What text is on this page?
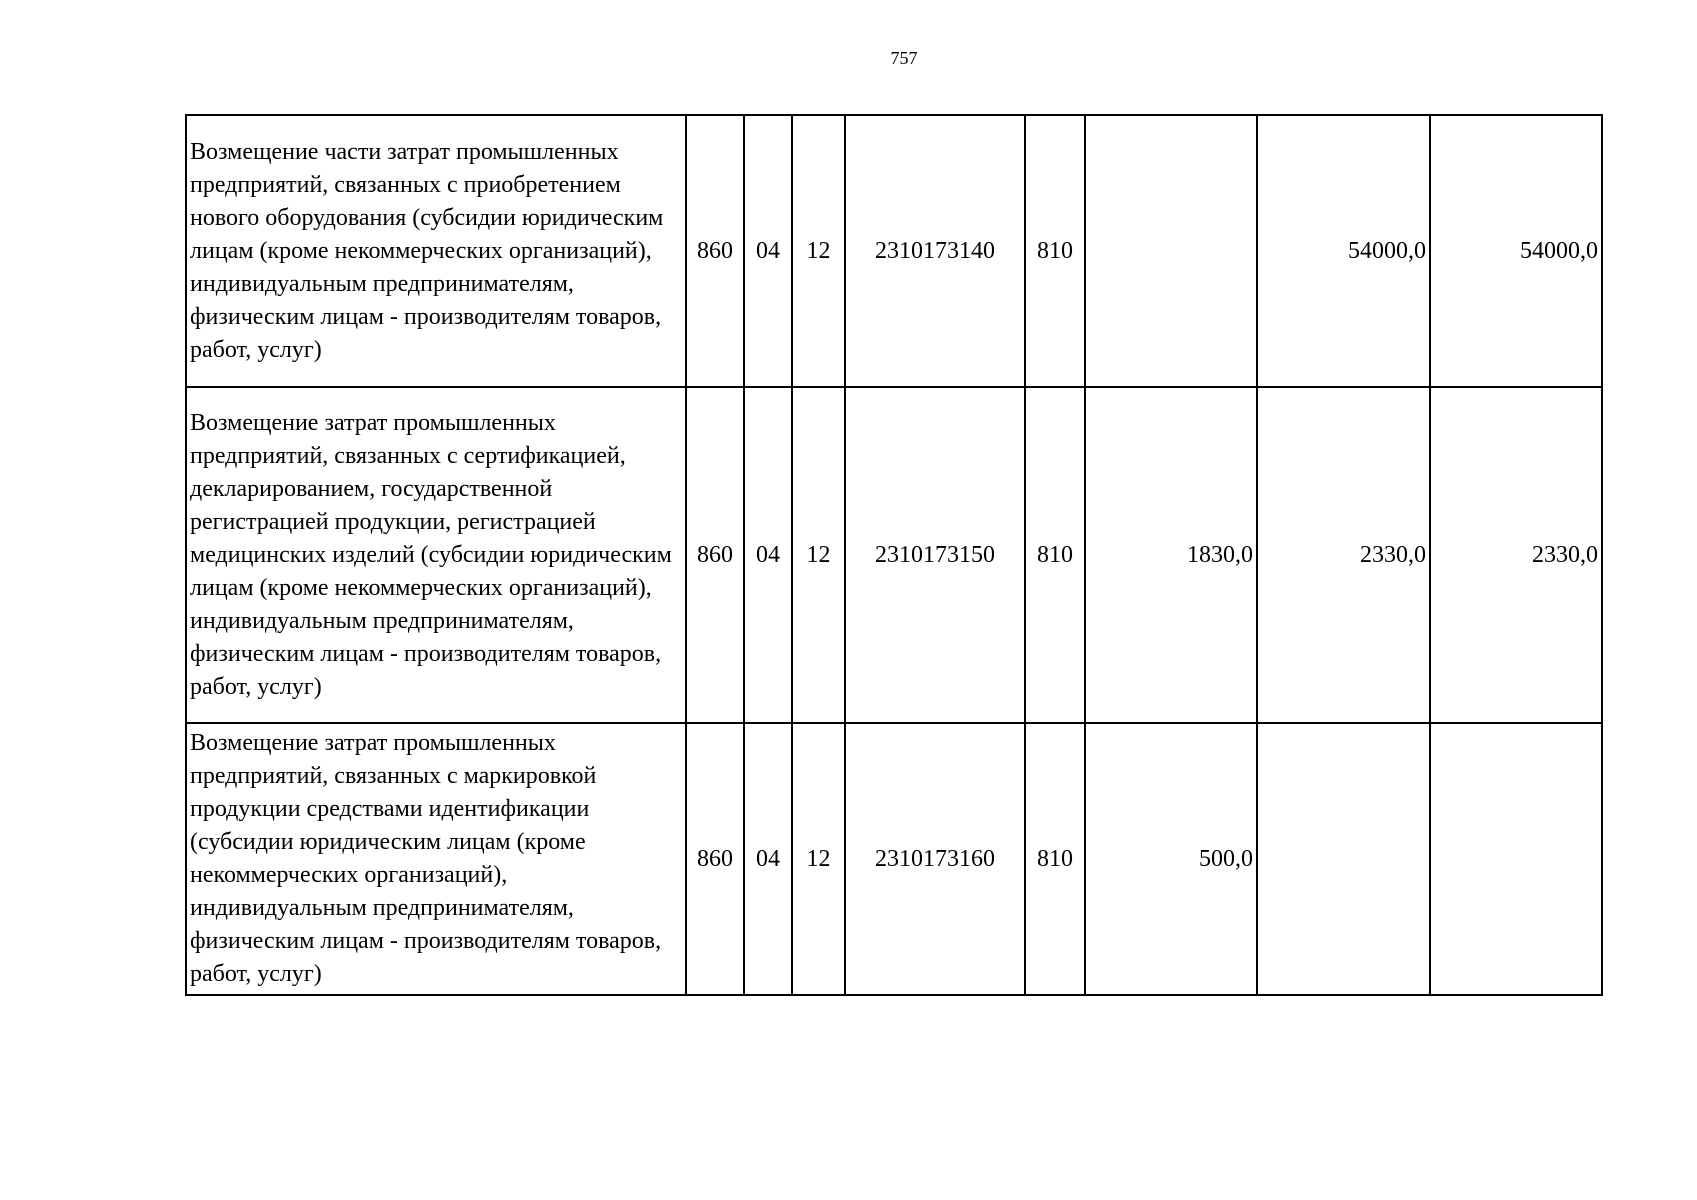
757
Возмещение части затрат промышленных предприятий, связанных с приобретением нового оборудования (субсидии юридическим лицам (кроме некоммерческих организаций), индивидуальным предпринимателям, физическим лицам - производителям товаров, работ, услуг)	860	04	12	2310173140	810		54000,0	54000,0
Возмещение затрат промышленных предприятий, связанных с сертификацией, декларированием, государственной регистрацией продукции, регистрацией медицинских изделий (субсидии юридическим лицам (кроме некоммерческих организаций), индивидуальным предпринимателям, физическим лицам - производителям товаров, работ, услуг)	860	04	12	2310173150	810	1830,0	2330,0	2330,0
Возмещение затрат промышленных предприятий, связанных с маркировкой продукции средствами идентификации (субсидии юридическим лицам (кроме некоммерческих организаций), индивидуальным предпринимателям, физическим лицам - производителям товаров, работ, услуг)	860	04	12	2310173160	810	500,0		
